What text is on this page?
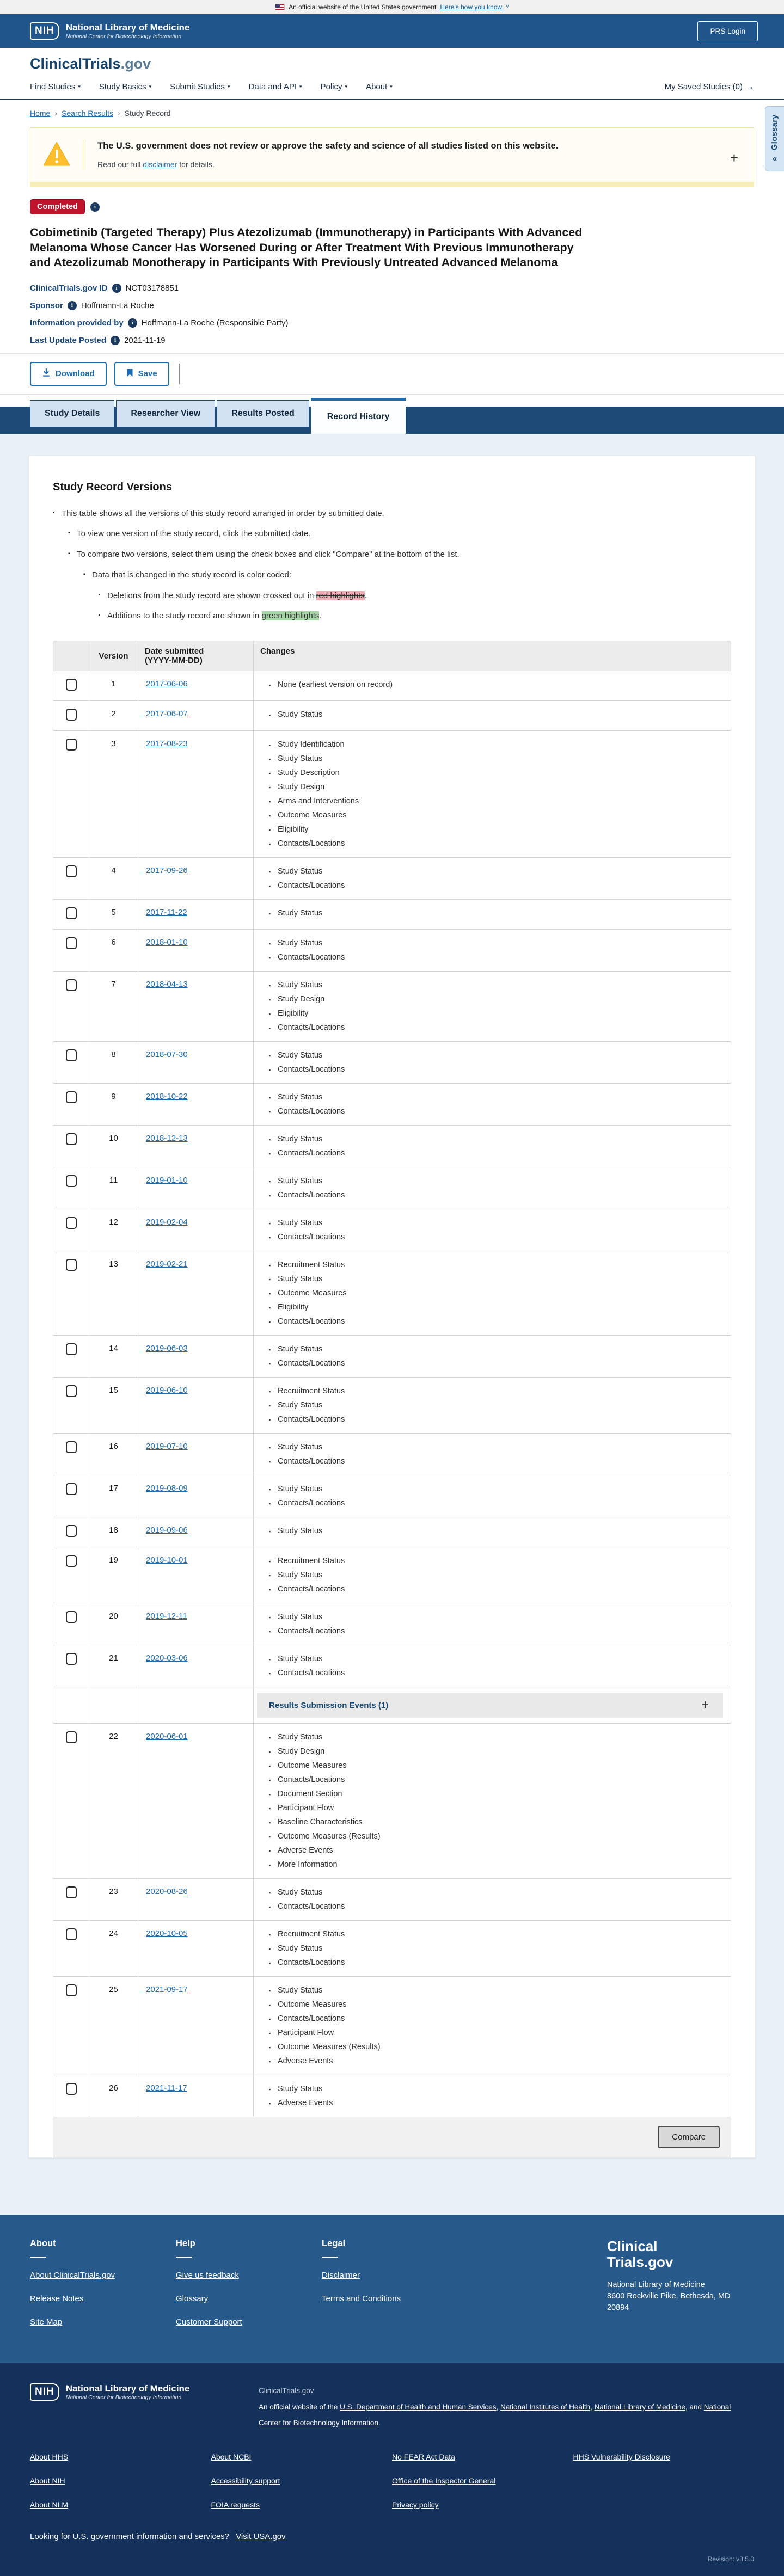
An official website of the United States government Here's how you know ˅
NIH	National Library of Medicine
National Center for Biotechnology Information
PRS Login
ClinicalTrials.gov
Find Studies ▾ Study Basics ▾ Submit Studies ▾ Data and API ▾ Policy ▾ About ▾	My Saved Studies (0) →
Glossary
«
Home › Search Results › Study Record
The U.S. government does not review or approve the safety and science of all studies listed on this website.
Read our full disclaimer for details.	+
Completed	i
Cobimetinib (Targeted Therapy) Plus Atezolizumab (Immunotherapy) in Participants With Advanced Melanoma Whose Cancer Has Worsened During or After Treatment With Previous Immunotherapy and Atezolizumab Monotherapy in Participants With Previously Untreated Advanced Melanoma
ClinicalTrials.gov ID	i NCT03178851
Sponsor	i Hoffmann-La Roche
Information provided by	i Hoffmann-La Roche (Responsible Party)
Last Update Posted	i 2021-11-19
Download	Save
Study Details	Researcher View	Results Posted	Record History
Study Record Versions
▪ This table shows all the versions of this study record arranged in order by submitted date.
▪ To view one version of the study record, click the submitted date.
▪ To compare two versions, select them using the check boxes and click "Compare" at the bottom of the list.
▪ Data that is changed in the study record is color coded:
▪ Deletions from the study record are shown crossed out in red highlights.
▪ Additions to the study record are shown in green highlights.
	Version	Date submitted
(YYYY-MM-DD)	Changes
	1	2017-06-06	
▪None (earliest version on record)

	2	2017-06-07	
▪Study Status

	3	2017-08-23	
▪Study Identification
▪ Study Status
▪ Study Description
▪ Study Design
▪ Arms and Interventions
▪ Outcome Measures
▪ Eligibility
▪ Contacts/Locations

	4	2017-09-26	
▪Study Status
▪ Contacts/Locations

	5	2017-11-22	
▪Study Status

	6	2018-01-10	
▪Study Status
▪ Contacts/Locations

	7	2018-04-13	
▪Study Status
▪ Study Design
▪ Eligibility
▪ Contacts/Locations

	8	2018-07-30	
▪Study Status
▪ Contacts/Locations

	9	2018-10-22	
▪Study Status
▪ Contacts/Locations

	10	2018-12-13	
▪Study Status
▪ Contacts/Locations

	11	2019-01-10	
▪Study Status
▪ Contacts/Locations

	12	2019-02-04	
▪Study Status
▪ Contacts/Locations

	13	2019-02-21	
▪Recruitment Status
▪ Study Status
▪ Outcome Measures
▪ Eligibility
▪ Contacts/Locations

	14	2019-06-03	
▪Study Status
▪ Contacts/Locations

	15	2019-06-10	
▪Recruitment Status
▪ Study Status
▪ Contacts/Locations

	16	2019-07-10	
▪Study Status
▪ Contacts/Locations

	17	2019-08-09	
▪Study Status
▪ Contacts/Locations

	18	2019-09-06	
▪Study Status

	19	2019-10-01	
▪Recruitment Status
▪ Study Status
▪ Contacts/Locations

	20	2019-12-11	
▪Study Status
▪ Contacts/Locations

	21	2020-03-06	
▪Study Status
▪ Contacts/Locations

			Results Submission Events (1) +

	22	2020-06-01	
▪Study Status
▪ Study Design
▪ Outcome Measures
▪ Contacts/Locations
▪ Document Section
▪ Participant Flow
▪ Baseline Characteristics
▪ Outcome Measures (Results)
▪ Adverse Events
▪ More Information

	23	2020-08-26	
▪Study Status
▪ Contacts/Locations

	24	2020-10-05	
▪Recruitment Status
▪ Study Status
▪ Contacts/Locations

	25	2021-09-17	
▪Study Status
▪ Outcome Measures
▪ Contacts/Locations
▪ Participant Flow
▪ Outcome Measures (Results)
▪ Adverse Events

	26	2021-11-17	
▪Study Status
▪ Adverse Events

Compare			
About
About ClinicalTrials.gov
Release Notes
Site Map
Help
Give us feedback
Glossary
Customer Support
Legal
Disclaimer
Terms and Conditions
Clinical
Trials.gov
National Library of Medicine
8600 Rockville Pike, Bethesda, MD
20894
NIH	National Library of Medicine
National Center for Biotechnology Information
ClinicalTrials.gov
An official website of the U.S. Department of Health and Human Services, National Institutes of Health, National Library of Medicine, and National Center for Biotechnology Information.
About HHS
About NIH
About NLM
About NCBI
Accessibility support
FOIA requests
No FEAR Act Data
Office of the Inspector General
Privacy policy
HHS Vulnerability Disclosure
Looking for U.S. government information and services? Visit USA.gov
Revision: v3.5.0
